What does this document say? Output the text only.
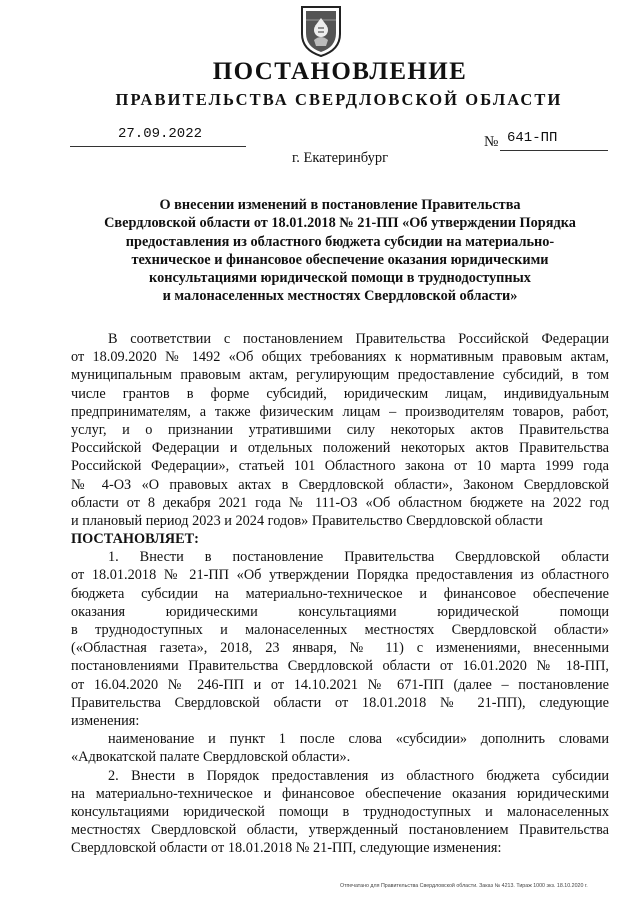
ПОСТАНОВЛЕНИЕ
ПРАВИТЕЛЬСТВА СВЕРДЛОВСКОЙ ОБЛАСТИ
27.09.2022	№ 641-ПП
г. Екатеринбург
О внесении изменений в постановление Правительства
Свердловской области от 18.01.2018 № 21-ПП «Об утверждении Порядка
предоставления из областного бюджета субсидии на материально-
техническое и финансовое обеспечение оказания юридическими
консультациями юридической помощи в труднодоступных
и малонаселенных местностях Свердловской области»
В соответствии с постановлением Правительства Российской Федерации
от 18.09.2020 № 1492 «Об общих требованиях к нормативным правовым актам,
муниципальным правовым актам, регулирующим предоставление субсидий, в том
числе грантов в форме субсидий, юридическим лицам, индивидуальным
предпринимателям, а также физическим лицам – производителям товаров, работ,
услуг, и о признании утратившими силу некоторых актов Правительства
Российской Федерации и отдельных положений некоторых актов Правительства
Российской Федерации», статьей 101 Областного закона от 10 марта 1999 года
№ 4-ОЗ «О правовых актах в Свердловской области», Законом Свердловской
области от 8 декабря 2021 года № 111-ОЗ «Об областном бюджете на 2022 год
и плановый период 2023 и 2024 годов» Правительство Свердловской области
ПОСТАНОВЛЯЕТ:
1. Внести в постановление Правительства Свердловской области
от 18.01.2018 № 21-ПП «Об утверждении Порядка предоставления из областного
бюджета субсидии на материально-техническое и финансовое обеспечение
оказания юридическими консультациями юридической помощи
в труднодоступных и малонаселенных местностях Свердловской области»
(«Областная газета», 2018, 23 января, № 11) с изменениями, внесенными
постановлениями Правительства Свердловской области от 16.01.2020 № 18-ПП,
от 16.04.2020 № 246-ПП и от 14.10.2021 № 671-ПП (далее – постановление
Правительства Свердловской области от 18.01.2018 № 21-ПП), следующие
изменения:
наименование и пункт 1 после слова «субсидии» дополнить словами
«Адвокатской палате Свердловской области».
2. Внести в Порядок предоставления из областного бюджета субсидии
на материально-техническое и финансовое обеспечение оказания юридическими
консультациями юридической помощи в труднодоступных и малонаселенных
местностях Свердловской области, утвержденный постановлением Правительства
Свердловской области от 18.01.2018 № 21-ПП, следующие изменения:
Отпечатано для Правительства Свердловской области. Заказ № 4213. Тираж 1000 экз. 18.10.2020 г.
